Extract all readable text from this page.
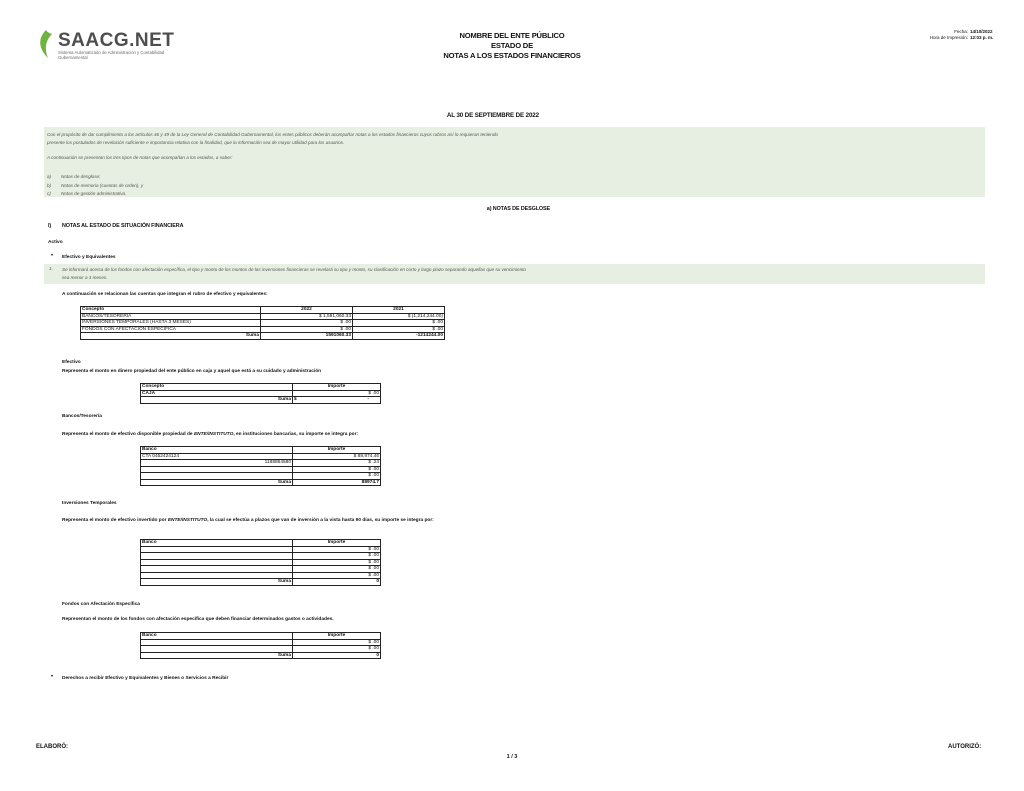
SAACG.NET
Sistema Automatizado de Administración y Contabilidad Gubernamental
NOMBRE DEL ENTE PÚBLICO
ESTADO DE
NOTAS A LOS ESTADOS FINANCIEROS
Fecha: 14/10/2022
Hora de Impresión: 12:03 p. m.
AL 30 DE SEPTIEMBRE DE 2022

Con el propósito de dar cumplimiento a los artículos 46 y 49 de la Ley General de Contabilidad Gubernamental, los entes públicos deberán acompañar notas a los estados financieros cuyos rubros así lo requieran teniendo presente los postulados de revelación suficiente e importancia relativa con la finalidad, que la información sea de mayor utilidad para los usuarios.

A continuación se presentan los tres tipos de notas que acompañan a los estados, a saber:

a) Notas de desglose;
b) Notas de memoria (cuentas de orden), y
c) Notas de gestión administrativa.
a) NOTAS DE DESGLOSE
I) NOTAS AL ESTADO DE SITUACIÓN FINANCIERA
Activo
• Efectivo y Equivalentes
1. Se informará acerca de los fondos con afectación específica, el tipo y monto de los montos de las inversiones financieras se revelará su tipo y monto, su clasificación en corto y largo plazo separando aquellas que su vencimiento sea menor a 3 meses.
A continuación se relacionan las cuentas que integran el rubro de efectivo y equivalentes:
Concepto	2022	2021
BANCOS/TESORERÍA	$ 1,591,060.33	$ (1,214,244.00)
INVERSIONES TEMPORALES (HASTA 3 MESES)	$ .00	$ .00
FONDOS CON AFECTACIÓN ESPECÍFICA	$ .00	$ .00
Suma	1591060.33	-1214244.00
Efectivo
Representa el monto en dinero propiedad del ente público en caja y aquel que está a su cuidado y administración
Concepto	Importe
CAJA	$ .00
Suma	$ -
Bancos/Tesorería
Representa el monto de efectivo disponible propiedad de ENTE/INSTITUTO, en instituciones bancarias, su importe se integra por:
Banco	Importe
CTA 0452424124	$ 88,974.46
1188864580	$ .24
	$ .00
	$ .00
Suma	88974.7
Inversiones Temporales
Representa el monto de efectivo invertido por ENTE/INSTITUTO, la cual se efectúa a plazos que van de inversión a la vista hasta 90 días, su importe se integra por:
Banco	Importe
	$ .00
	$ .00
	$ .00
	$ .00
	$ .00
Suma	0
Fondos con Afectación Específica
Representan el monto de los fondos con afectación específica que deben financiar determinados gastos o actividades.
Banco	Importe
	$ .00
	$ .00
Suma	0
• Derechos a recibir Efectivo y Equivalentes y Bienes o Servicios a Recibir
ELABORÓ:	AUTORIZÓ:
1 / 3
